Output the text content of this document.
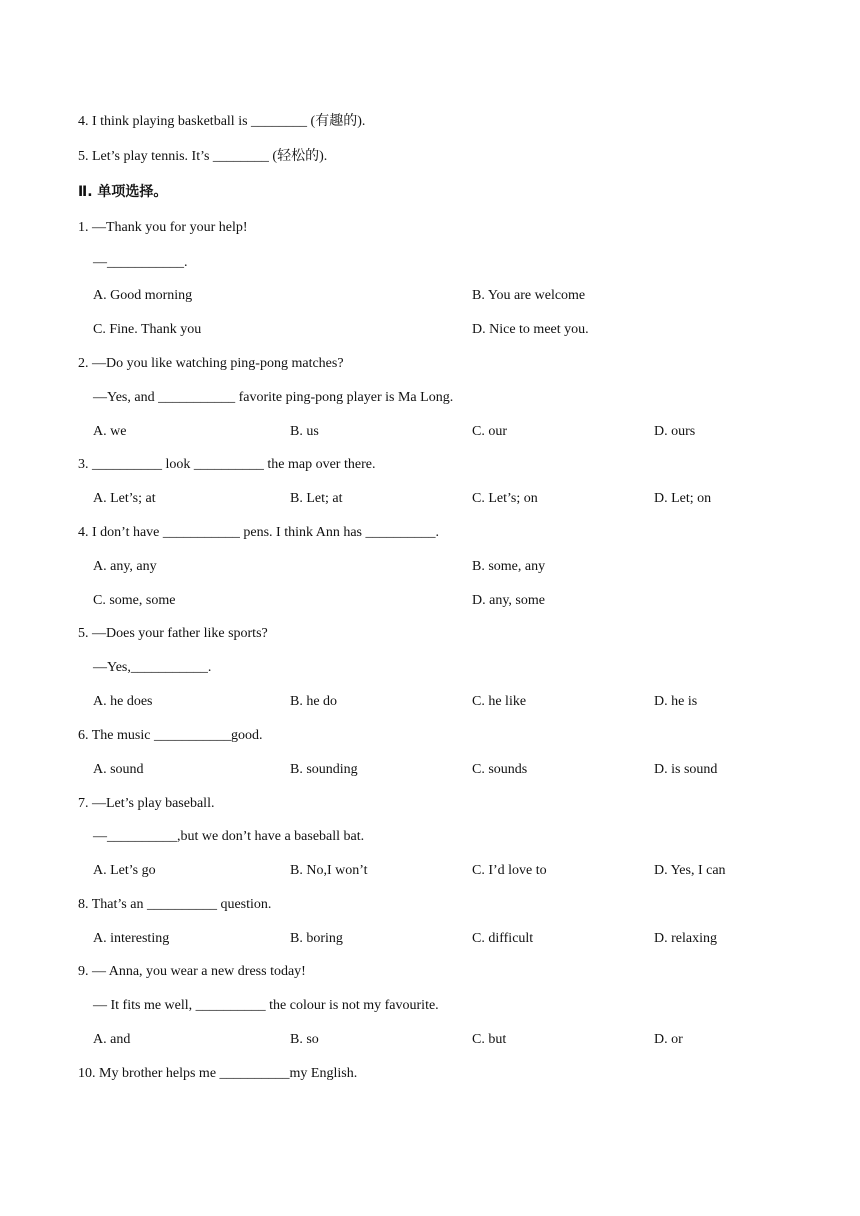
4. I think playing basketball is ________ (有趣的).
5. Let’s play tennis. It’s ________ (轻松的).
Ⅱ. 单项选择。
1. —Thank you for your help!
—___________.
A. Good morning	B. You are welcome
C. Fine. Thank you	D. Nice to meet you.
2. —Do you like watching ping-pong matches?
—Yes, and ___________ favorite ping-pong player is Ma Long.
A. we	B. us	C. our	D. ours
3. __________ look __________ the map over there.
A. Let’s; at	B. Let; at	C. Let’s; on	D. Let; on
4. I don’t have ___________ pens. I think Ann has __________.
A. any, any	B. some, any
C. some, some	D. any, some
5. —Does your father like sports?
—Yes,___________.
A. he does	B. he do	C. he like	D. he is
6. The music ___________good.
A. sound	B. sounding	C. sounds	D. is sound
7. —Let’s play baseball.
—__________,but we don’t have a baseball bat.
A. Let’s go	B. No,I won’t	C. I’d love to	D. Yes, I can
8. That’s an __________ question.
A. interesting	B. boring	C. difficult	D. relaxing
9. — Anna, you wear a new dress today!
— It fits me well, __________ the colour is not my favourite.
A. and	B. so	C. but	D. or
10. My brother helps me __________my English.
